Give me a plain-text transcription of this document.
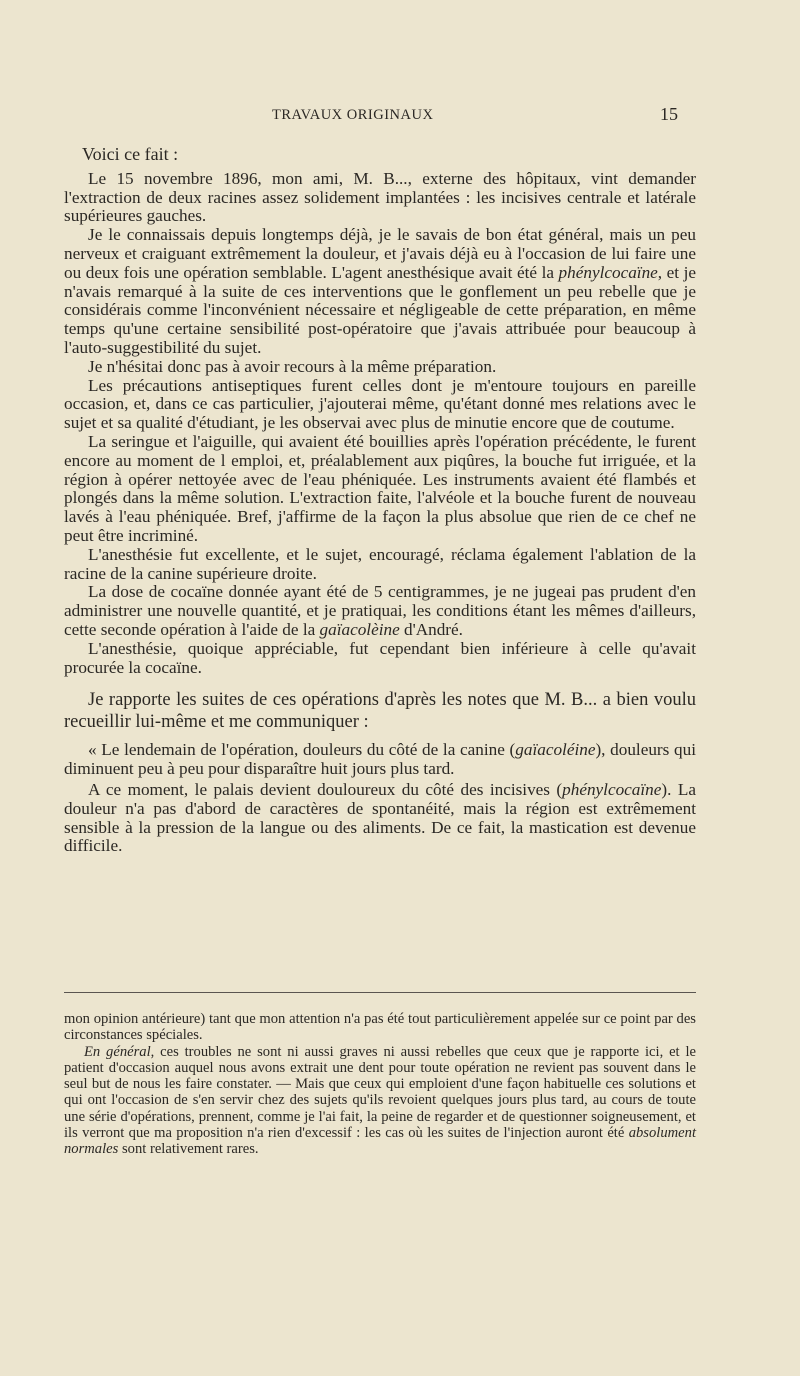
TRAVAUX ORIGINAUX	15

Voici ce fait :

Le 15 novembre 1896, mon ami, M. B..., externe des hôpitaux, vint demander l'extraction de deux racines assez solidement implantées : les incisives centrale et latérale supérieures gauches.

Je le connaissais depuis longtemps déjà, je le savais de bon état général, mais un peu nerveux et craiguant extrêmement la douleur, et j'avais déjà eu à l'occasion de lui faire une ou deux fois une opération semblable. L'agent anesthésique avait été la phénylcocaïne, et je n'avais remarqué à la suite de ces interventions que le gonflement un peu rebelle que je considérais comme l'inconvénient nécessaire et négligeable de cette préparation, en même temps qu'une certaine sensibilité post-opératoire que j'avais attribuée pour beaucoup à l'auto-suggestibilité du sujet.

Je n'hésitai donc pas à avoir recours à la même préparation.

Les précautions antiseptiques furent celles dont je m'entoure toujours en pareille occasion, et, dans ce cas particulier, j'ajouterai même, qu'étant donné mes relations avec le sujet et sa qualité d'étudiant, je les observai avec plus de minutie encore que de coutume.

La seringue et l'aiguille, qui avaient été bouillies après l'opération précédente, le furent encore au moment de l emploi, et, préalablement aux piqûres, la bouche fut irriguée, et la région à opérer nettoyée avec de l'eau phéniquée. Les instruments avaient été flambés et plongés dans la même solution. L'extraction faite, l'alvéole et la bouche furent de nouveau lavés à l'eau phéniquée. Bref, j'affirme de la façon la plus absolue que rien de ce chef ne peut être incriminé.

L'anesthésie fut excellente, et le sujet, encouragé, réclama également l'ablation de la racine de la canine supérieure droite.

La dose de cocaïne donnée ayant été de 5 centigrammes, je ne jugeai pas prudent d'en administrer une nouvelle quantité, et je pratiquai, les conditions étant les mêmes d'ailleurs, cette seconde opération à l'aide de la gaïacolèine d'André.

L'anesthésie, quoique appréciable, fut cependant bien inférieure à celle qu'avait procurée la cocaïne.

Je rapporte les suites de ces opérations d'après les notes que M. B... a bien voulu recueillir lui-même et me communiquer :

« Le lendemain de l'opération, douleurs du côté de la canine (gaïacoléine), douleurs qui diminuent peu à peu pour disparaître huit jours plus tard.

A ce moment, le palais devient douloureux du côté des incisives (phénylcocaïne). La douleur n'a pas d'abord de caractères de spontanéité, mais la région est extrêmement sensible à la pression de la langue ou des aliments. De ce fait, la mastication est devenue difficile.

mon opinion antérieure) tant que mon attention n'a pas été tout particulièrement appelée sur ce point par des circonstances spéciales.

En général, ces troubles ne sont ni aussi graves ni aussi rebelles que ceux que je rapporte ici, et le patient d'occasion auquel nous avons extrait une dent pour toute opération ne revient pas souvent dans le seul but de nous les faire constater. — Mais que ceux qui emploient d'une façon habituelle ces solutions et qui ont l'occasion de s'en servir chez des sujets qu'ils revoient quelques jours plus tard, au cours de toute une série d'opérations, prennent, comme je l'ai fait, la peine de regarder et de questionner soigneusement, et ils verront que ma proposition n'a rien d'excessif : les cas où les suites de l'injection auront été absolument normales sont relativement rares.
